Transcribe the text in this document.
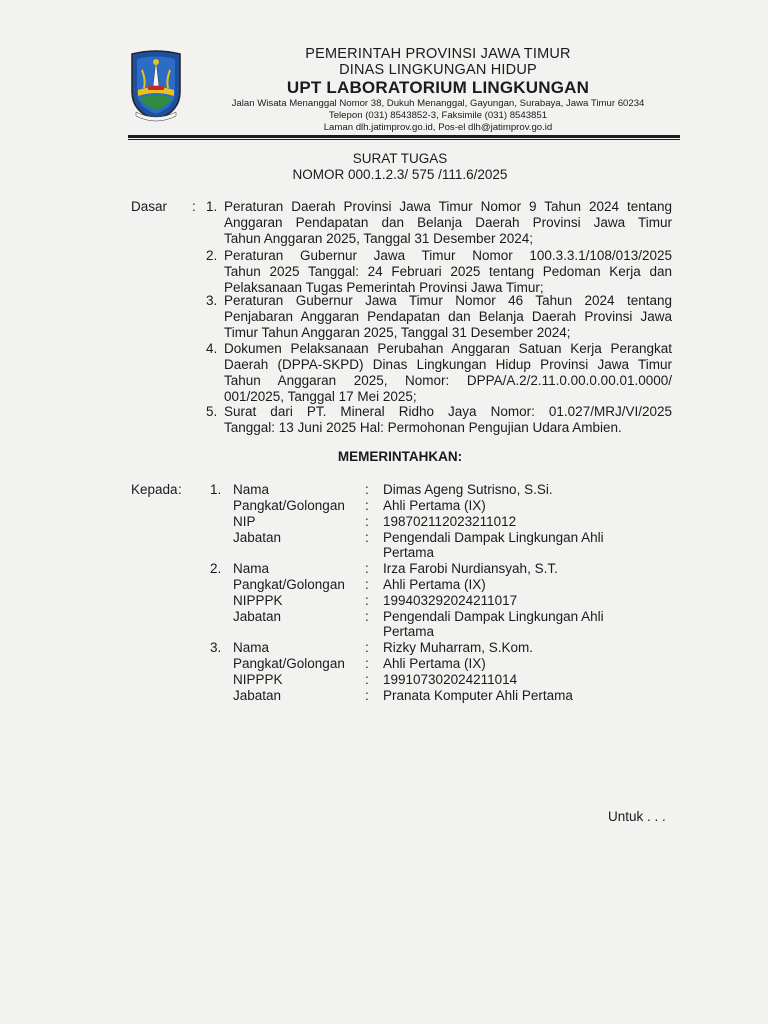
PEMERINTAH PROVINSI JAWA TIMUR
DINAS LINGKUNGAN HIDUP
UPT LABORATORIUM LINGKUNGAN
Jalan Wisata Menanggal Nomor 38, Dukuh Menanggal, Gayungan, Surabaya, Jawa Timur 60234
Telepon (031) 8543852-3, Faksimile (031) 8543851
Laman dlh.jatimprov.go.id, Pos-el dlh@jatimprov.go.id
SURAT TUGAS
NOMOR 000.1.2.3/ 575 /111.6/2025
Dasar : 1. Peraturan Daerah Provinsi Jawa Timur Nomor 9 Tahun 2024 tentang
Anggaran Pendapatan dan Belanja Daerah Provinsi Jawa Timur
Tahun Anggaran 2025, Tanggal 31 Desember 2024;
2. Peraturan Gubernur Jawa Timur Nomor 100.3.3.1/108/013/2025
Tahun 2025 Tanggal: 24 Februari 2025 tentang Pedoman Kerja dan
Pelaksanaan Tugas Pemerintah Provinsi Jawa Timur;
3. Peraturan Gubernur Jawa Timur Nomor 46 Tahun 2024 tentang
Penjabaran Anggaran Pendapatan dan Belanja Daerah Provinsi Jawa
Timur Tahun Anggaran 2025, Tanggal 31 Desember 2024;
4. Dokumen Pelaksanaan Perubahan Anggaran Satuan Kerja Perangkat
Daerah (DPPA-SKPD) Dinas Lingkungan Hidup Provinsi Jawa Timur
Tahun Anggaran 2025, Nomor: DPPA/A.2/2.11.0.00.0.00.01.0000/
001/2025, Tanggal 17 Mei 2025;
5. Surat dari PT. Mineral Ridho Jaya Nomor: 01.027/MRJ/VI/2025
Tanggal: 13 Juni 2025 Hal: Permohonan Pengujian Udara Ambien.
MEMERINTAHKAN:
Kepada : 1. Nama	: Dimas Ageng Sutrisno, S.Si.
Pangkat/Golongan : Ahli Pertama (IX)
NIP	: 198702112023211012
Jabatan	: Pengendali Dampak Lingkungan Ahli
Pertama
2. Nama	: Irza Farobi Nurdiansyah, S.T.
Pangkat/Golongan : Ahli Pertama (IX)
NIPPPK	: 199403292024211017
Jabatan	: Pengendali Dampak Lingkungan Ahli
Pertama
3. Nama	: Rizky Muharram, S.Kom.
Pangkat/Golongan : Ahli Pertama (IX)
NIPPPK	: 199107302024211014
Jabatan	: Pranata Komputer Ahli Pertama
Untuk . . .
